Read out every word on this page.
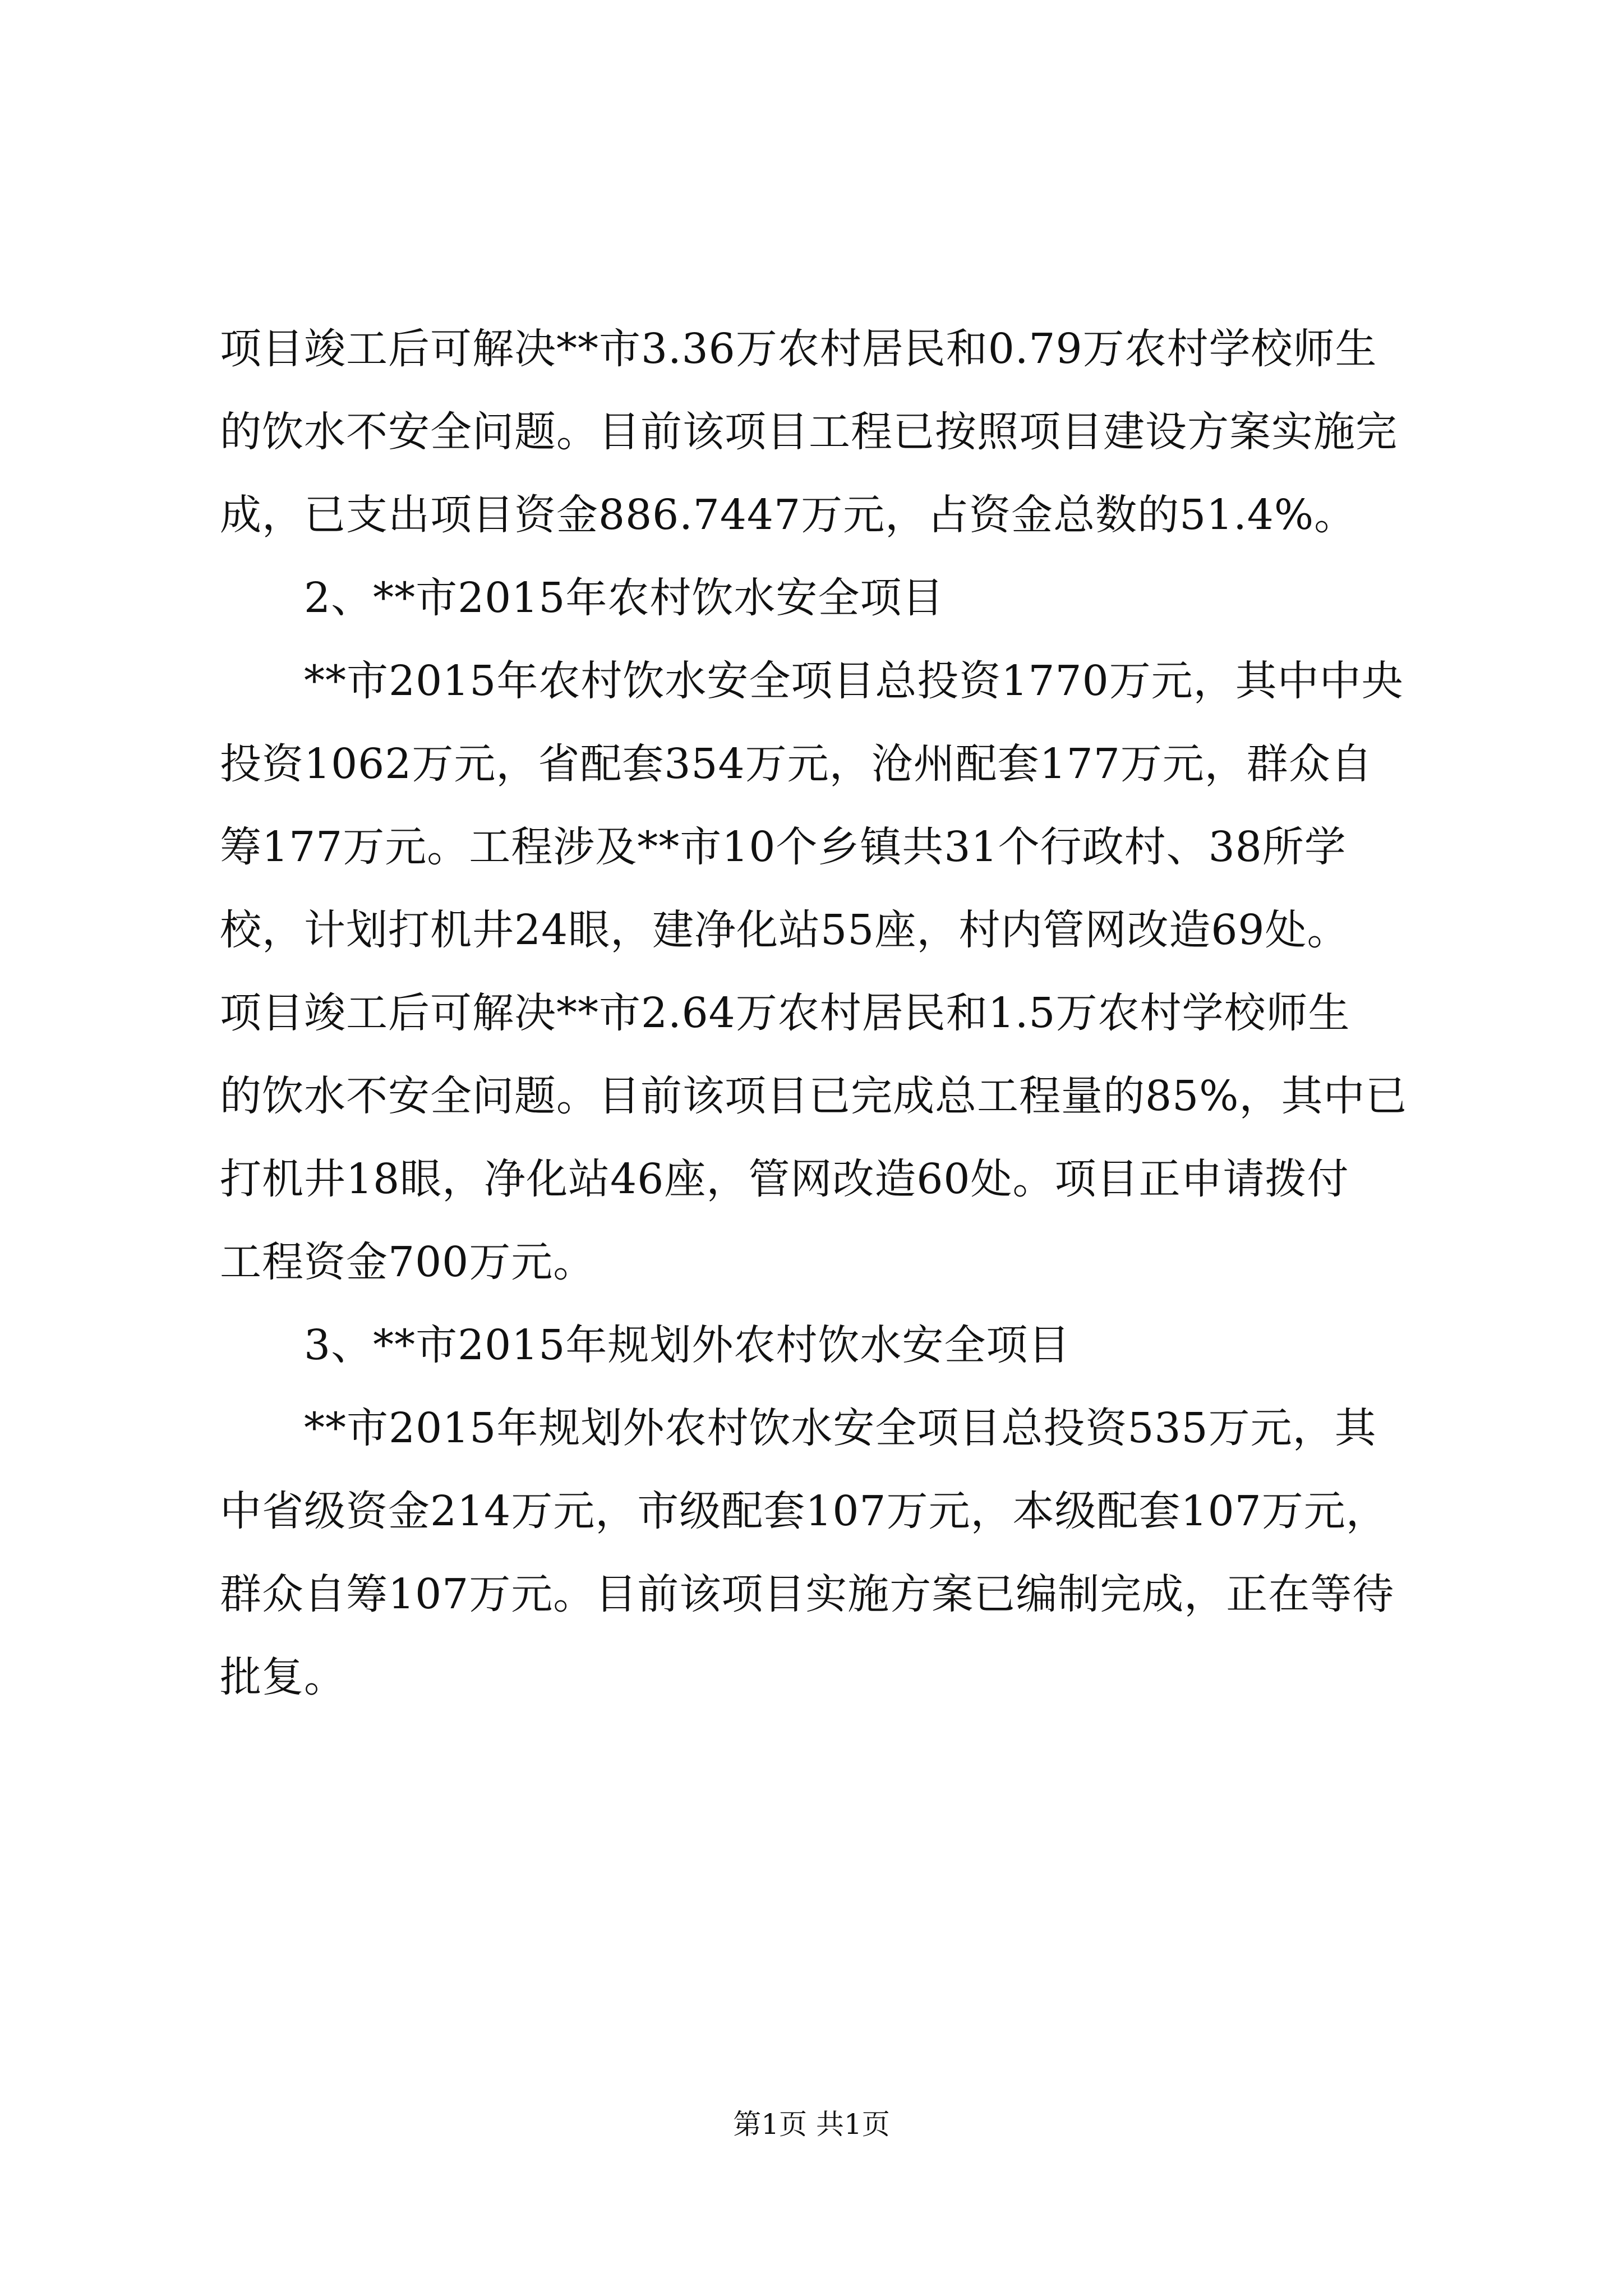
项目竣工后可解决**市3.36万农村居民和0.79万农村学校师生
的饮水不安全问题。目前该项目工程已按照项目建设方案实施完
成，已支出项目资金886.7447万元，占资金总数的51.4%。
2、**市2015年农村饮水安全项目
**市2015年农村饮水安全项目总投资1770万元，其中中央
投资1062万元，省配套354万元，沧州配套177万元，群众自
筹177万元。工程涉及**市10个乡镇共31个行政村、38所学
校，计划打机井24眼，建净化站55座，村内管网改造69处。
项目竣工后可解决**市2.64万农村居民和1.5万农村学校师生
的饮水不安全问题。目前该项目已完成总工程量的85%，其中已
打机井18眼，净化站46座，管网改造60处。项目正申请拨付
工程资金700万元。
3、**市2015年规划外农村饮水安全项目
**市2015年规划外农村饮水安全项目总投资535万元，其
中省级资金214万元，市级配套107万元，本级配套107万元，
群众自筹107万元。目前该项目实施方案已编制完成，正在等待
批复。
第1页 共1页
